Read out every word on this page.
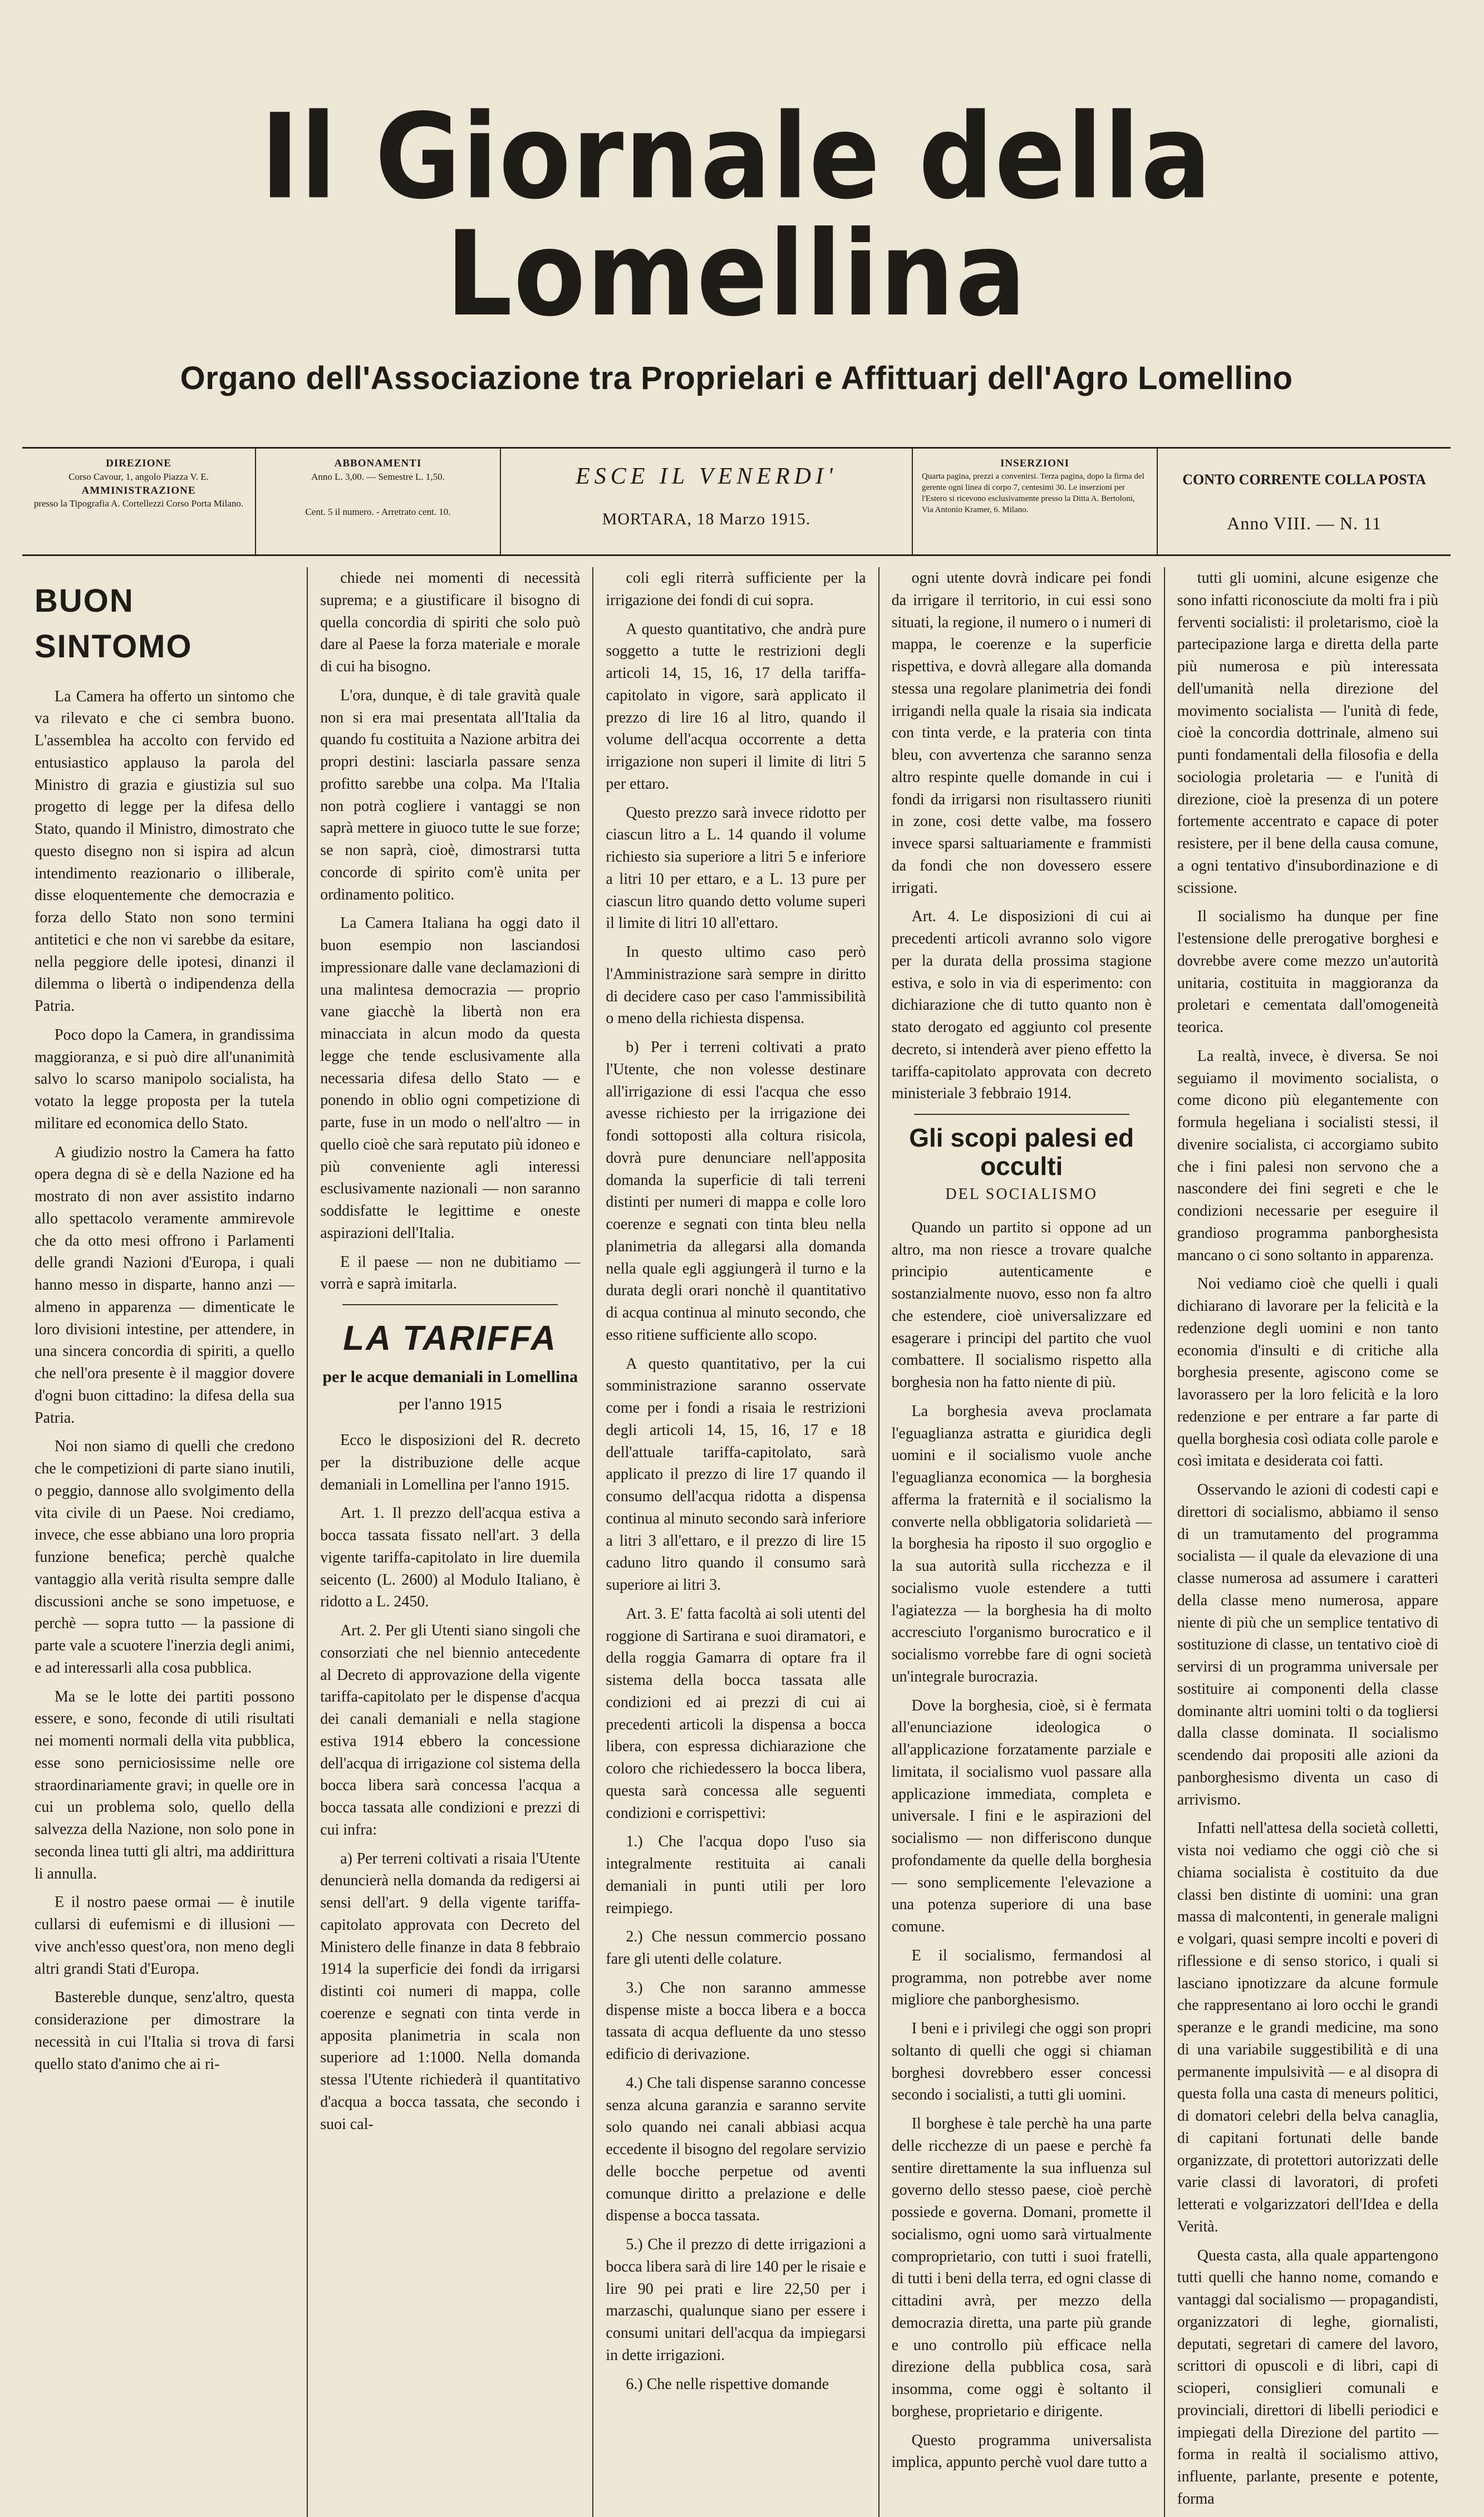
Il Giornale della Lomellina
Organo dell'Associazione tra Proprielari e Affittuarj dell'Agro Lomellino
DIREZIONE
Corso Cavour, 1, angolo Piazza V. E.
AMMINISTRAZIONE
presso la Tipografia A. Cortellezzi Corso Porta Milano.
ABBONAMENTI
Anno L. 3,00. — Semestre L. 1,50.
Cent. 5 il numero. - Arretrato cent. 10.
ESCE IL VENERDI'
MORTARA, 18 Marzo 1915.
INSERZIONI
Quarta pagina, prezzi a convenirsi. Terza pagina, dopo la firma del gerente ogni linea di corpo 7, centesimi 30. Le inserzioni per l'Estero si ricevono esclusivamente presso la Ditta A. Bertoloni, Via Antonio Kramer, 6. Milano.
CONTO CORRENTE COLLA POSTA
Anno VIII. — N. 11
BUON SINTOMO

La Camera ha offerto un sintomo che va rilevato e che ci sembra buono. L'assemblea ha accolto con fervido ed entusiastico applauso la parola del Ministro di grazia e giustizia sul suo progetto di legge per la difesa dello Stato, quando il Ministro, dimostrato che questo disegno non si ispira ad alcun intendimento reazionario o illiberale, disse eloquentemente che democrazia e forza dello Stato non sono termini antitetici e che non vi sarebbe da esitare, nella peggiore delle ipotesi, dinanzi il dilemma o libertà o indipendenza della Patria.

Poco dopo la Camera, in grandissima maggioranza, e si può dire all'unanimità salvo lo scarso manipolo socialista, ha votato la legge proposta per la tutela militare ed economica dello Stato.

A giudizio nostro la Camera ha fatto opera degna di sè e della Nazione ed ha mostrato di non aver assistito indarno allo spettacolo veramente ammirevole che da otto mesi offrono i Parlamenti delle grandi Nazioni d'Europa, i quali hanno messo in disparte, hanno anzi — almeno in apparenza — dimenticate le loro divisioni intestine, per attendere, in una sincera concordia di spiriti, a quello che nell'ora presente è il maggior dovere d'ogni buon cittadino: la difesa della sua Patria.

Noi non siamo di quelli che credono che le competizioni di parte siano inutili, o peggio, dannose allo svolgimento della vita civile di un Paese. Noi crediamo, invece, che esse abbiano una loro propria funzione benefica; perchè qualche vantaggio alla verità risulta sempre dalle discussioni anche se sono impetuose, e perchè — sopra tutto — la passione di parte vale a scuotere l'inerzia degli animi, e ad interessarli alla cosa pubblica.

Ma se le lotte dei partiti possono essere, e sono, feconde di utili risultati nei momenti normali della vita pubblica, esse sono perniciosissime nelle ore straordinariamente gravi; in quelle ore in cui un problema solo, quello della salvezza della Nazione, non solo pone in seconda linea tutti gli altri, ma addirittura li annulla.

E il nostro paese ormai — è inutile cullarsi di eufemismi e di illusioni — vive anch'esso quest'ora, non meno degli altri grandi Stati d'Europa.

Bastereble dunque, senz'altro, questa considerazione per dimostrare la necessità in cui l'Italia si trova di farsi quello stato d'animo che ai ri-

chiede nei momenti di necessità suprema; e a giustificare il bisogno di quella concordia di spiriti che solo può dare al Paese la forza materiale e morale di cui ha bisogno.

L'ora, dunque, è di tale gravità quale non si era mai presentata all'Italia da quando fu costituita a Nazione arbitra dei propri destini: lasciarla passare senza profitto sarebbe una colpa. Ma l'Italia non potrà cogliere i vantaggi se non saprà mettere in giuoco tutte le sue forze; se non saprà, cioè, dimostrarsi tutta concorde di spirito com'è unita per ordinamento politico.

La Camera Italiana ha oggi dato il buon esempio non lasciandosi impressionare dalle vane declamazioni di una malintesa democrazia — proprio vane giacchè la libertà non era minacciata in alcun modo da questa legge che tende esclusivamente alla necessaria difesa dello Stato — e ponendo in oblio ogni competizione di parte, fuse in un modo o nell'altro — in quello cioè che sarà reputato più idoneo e più conveniente agli interessi esclusivamente nazionali — non saranno soddisfatte le legittime e oneste aspirazioni dell'Italia.

E il paese — non ne dubitiamo — vorrà e saprà imitarla.

LA TARIFFA
per le acque demaniali in Lomellina
per l'anno 1915

Ecco le disposizioni del R. decreto per la distribuzione delle acque demaniali in Lomellina per l'anno 1915.

Art. 1. Il prezzo dell'acqua estiva a bocca tassata fissato nell'art. 3 della vigente tariffa-capitolato in lire duemila seicento (L. 2600) al Modulo Italiano, è ridotto a L. 2450.

Art. 2. Per gli Utenti siano singoli che consorziati che nel biennio antecedente al Decreto di approvazione della vigente tariffa-capitolato per le dispense d'acqua dei canali demaniali e nella stagione estiva 1914 ebbero la concessione dell'acqua di irrigazione col sistema della bocca libera sarà concessa l'acqua a bocca tassata alle condizioni e prezzi di cui infra:

a) Per terreni coltivati a risaia l'Utente denuncierà nella domanda da redigersi ai sensi dell'art. 9 della vigente tariffa-capitolato approvata con Decreto del Ministero delle finanze in data 8 febbraio 1914 la superficie dei fondi da irrigarsi distinti coi numeri di mappa, colle coerenze e segnati con tinta verde in apposita planimetria in scala non superiore ad 1:1000. Nella domanda stessa l'Utente richiederà il quantitativo d'acqua a bocca tassata, che secondo i suoi cal-

coli egli riterrà sufficiente per la irrigazione dei fondi di cui sopra.

A questo quantitativo, che andrà pure soggetto a tutte le restrizioni degli articoli 14, 15, 16, 17 della tariffa-capitolato in vigore, sarà applicato il prezzo di lire 16 al litro, quando il volume dell'acqua occorrente a detta irrigazione non superi il limite di litri 5 per ettaro.

Questo prezzo sarà invece ridotto per ciascun litro a L. 14 quando il volume richiesto sia superiore a litri 5 e inferiore a litri 10 per ettaro, e a L. 13 pure per ciascun litro quando detto volume superi il limite di litri 10 all'ettaro.

In questo ultimo caso però l'Amministrazione sarà sempre in diritto di decidere caso per caso l'ammissibilità o meno della richiesta dispensa.

b) Per i terreni coltivati a prato l'Utente, che non volesse destinare all'irrigazione di essi l'acqua che esso avesse richiesto per la irrigazione dei fondi sottoposti alla coltura risicola, dovrà pure denunciare nell'apposita domanda la superficie di tali terreni distinti per numeri di mappa e colle loro coerenze e segnati con tinta bleu nella planimetria da allegarsi alla domanda nella quale egli aggiungerà il turno e la durata degli orari nonchè il quantitativo di acqua continua al minuto secondo, che esso ritiene sufficiente allo scopo.

A questo quantitativo, per la cui somministrazione saranno osservate come per i fondi a risaia le restrizioni degli articoli 14, 15, 16, 17 e 18 dell'attuale tariffa-capitolato, sarà applicato il prezzo di lire 17 quando il consumo dell'acqua ridotta a dispensa continua al minuto secondo sarà inferiore a litri 3 all'ettaro, e il prezzo di lire 15 caduno litro quando il consumo sarà superiore ai litri 3.

Art. 3. E' fatta facoltà ai soli utenti del roggione di Sartirana e suoi diramatori, e della roggia Gamarra di optare fra il sistema della bocca tassata alle condizioni ed ai prezzi di cui ai precedenti articoli la dispensa a bocca libera, con espressa dichiarazione che coloro che richiedessero la bocca libera, questa sarà concessa alle seguenti condizioni e corrispettivi:

1.) Che l'acqua dopo l'uso sia integralmente restituita ai canali demaniali in punti utili per loro reimpiego.

2.) Che nessun commercio possano fare gli utenti delle colature.

3.) Che non saranno ammesse dispense miste a bocca libera e a bocca tassata di acqua defluente da uno stesso edificio di derivazione.

4.) Che tali dispense saranno concesse senza alcuna garanzia e saranno servite solo quando nei canali abbiasi acqua eccedente il bisogno del regolare servizio delle bocche perpetue od aventi comunque diritto a prelazione e delle dispense a bocca tassata.

5.) Che il prezzo di dette irrigazioni a bocca libera sarà di lire 140 per le risaie e lire 90 pei prati e lire 22,50 per i marzaschi, qualunque siano per essere i consumi unitari dell'acqua da impiegarsi in dette irrigazioni.

6.) Che nelle rispettive domande

ogni utente dovrà indicare pei fondi da irrigare il territorio, in cui essi sono situati, la regione, il numero o i numeri di mappa, le coerenze e la superficie rispettiva, e dovrà allegare alla domanda stessa una regolare planimetria dei fondi irrigandi nella quale la risaia sia indicata con tinta verde, e la prateria con tinta bleu, con avvertenza che saranno senza altro respinte quelle domande in cui i fondi da irrigarsi non risultassero riuniti in zone, cosi dette valbe, ma fossero invece sparsi saltuariamente e frammisti da fondi che non dovessero essere irrigati.

Art. 4. Le disposizioni di cui ai precedenti articoli avranno solo vigore per la durata della prossima stagione estiva, e solo in via di esperimento: con dichiarazione che di tutto quanto non è stato derogato ed aggiunto col presente decreto, si intenderà aver pieno effetto la tariffa-capitolato approvata con decreto ministeriale 3 febbraio 1914.

Gli scopi palesi ed occulti
DEL SOCIALISMO

Quando un partito si oppone ad un altro, ma non riesce a trovare qualche principio autenticamente e sostanzialmente nuovo, esso non fa altro che estendere, cioè universalizzare ed esagerare i principi del partito che vuol combattere. Il socialismo rispetto alla borghesia non ha fatto niente di più.

La borghesia aveva proclamata l'eguaglianza astratta e giuridica degli uomini e il socialismo vuole anche l'eguaglianza economica — la borghesia afferma la fraternità e il socialismo la converte nella obbligatoria solidarietà — la borghesia ha riposto il suo orgoglio e la sua autorità sulla ricchezza e il socialismo vuole estendere a tutti l'agiatezza — la borghesia ha di molto accresciuto l'organismo burocratico e il socialismo vorrebbe fare di ogni società un'integrale burocrazia.

Dove la borghesia, cioè, si è fermata all'enunciazione ideologica o all'applicazione forzatamente parziale e limitata, il socialismo vuol passare alla applicazione immediata, completa e universale. I fini e le aspirazioni del socialismo — non differiscono dunque profondamente da quelle della borghesia — sono semplicemente l'elevazione a una potenza superiore di una base comune.

E il socialismo, fermandosi al programma, non potrebbe aver nome migliore che panborghesismo.

I beni e i privilegi che oggi son propri soltanto di quelli che oggi si chiaman borghesi dovrebbero esser concessi secondo i socialisti, a tutti gli uomini.

Il borghese è tale perchè ha una parte delle ricchezze di un paese e perchè fa sentire direttamente la sua influenza sul governo dello stesso paese, cioè perchè possiede e governa. Domani, promette il socialismo, ogni uomo sarà virtualmente comproprietario, con tutti i suoi fratelli, di tutti i beni della terra, ed ogni classe di cittadini avrà, per mezzo della democrazia diretta, una parte più grande e uno controllo più efficace nella direzione della pubblica cosa, sarà insomma, come oggi è soltanto il borghese, proprietario e dirigente.

Questo programma universalista implica, appunto perchè vuol dare tutto a

tutti gli uomini, alcune esigenze che sono infatti riconosciute da molti fra i più ferventi socialisti: il proletarismo, cioè la partecipazione larga e diretta della parte più numerosa e più interessata dell'umanità nella direzione del movimento socialista — l'unità di fede, cioè la concordia dottrinale, almeno sui punti fondamentali della filosofia e della sociologia proletaria — e l'unità di direzione, cioè la presenza di un potere fortemente accentrato e capace di poter resistere, per il bene della causa comune, a ogni tentativo d'insubordinazione e di scissione.

Il socialismo ha dunque per fine l'estensione delle prerogative borghesi e dovrebbe avere come mezzo un'autorità unitaria, costituita in maggioranza da proletari e cementata dall'omogeneità teorica.

La realtà, invece, è diversa. Se noi seguiamo il movimento socialista, o come dicono più elegantemente con formula hegeliana i socialisti stessi, il divenire socialista, ci accorgiamo subito che i fini palesi non servono che a nascondere dei fini segreti e che le condizioni necessarie per eseguire il grandioso programma panborghesista mancano o ci sono soltanto in apparenza.

Noi vediamo cioè che quelli i quali dichiarano di lavorare per la felicità e la redenzione degli uomini e non tanto economia d'insulti e di critiche alla borghesia presente, agiscono come se lavorassero per la loro felicità e la loro redenzione e per entrare a far parte di quella borghesia così odiata colle parole e così imitata e desiderata coi fatti.

Osservando le azioni di codesti capi e direttori di socialismo, abbiamo il senso di un tramutamento del programma socialista — il quale da elevazione di una classe numerosa ad assumere i caratteri della classe meno numerosa, appare niente di più che un semplice tentativo di sostituzione di classe, un tentativo cioè di servirsi di un programma universale per sostituire ai componenti della classe dominante altri uomini tolti o da togliersi dalla classe dominata. Il socialismo scendendo dai propositi alle azioni da panborghesismo diventa un caso di arrivismo.

Infatti nell'attesa della società colletti, vista noi vediamo che oggi ciò che si chiama socialista è costituito da due classi ben distinte di uomini: una gran massa di malcontenti, in generale maligni e volgari, quasi sempre incolti e poveri di riflessione e di senso storico, i quali si lasciano ipnotizzare da alcune formule che rappresentano ai loro occhi le grandi speranze e le grandi medicine, ma sono di una variabile suggestibilità e di una permanente impulsività — e al disopra di questa folla una casta di meneurs politici, di domatori celebri della belva canaglia, di capitani fortunati delle bande organizzate, di protettori autorizzati delle varie classi di lavoratori, di profeti letterati e volgarizzatori dell'Idea e della Verità.

Questa casta, alla quale appartengono tutti quelli che hanno nome, comando e vantaggi dal socialismo — propagandisti, organizzatori di leghe, giornalisti, deputati, segretari di camere del lavoro, scrittori di opuscoli e di libri, capi di scioperi, consiglieri comunali e provinciali, direttori di libelli periodici e impiegati della Direzione del partito — forma in realtà il socialismo attivo, influente, parlante, presente e potente, forma
